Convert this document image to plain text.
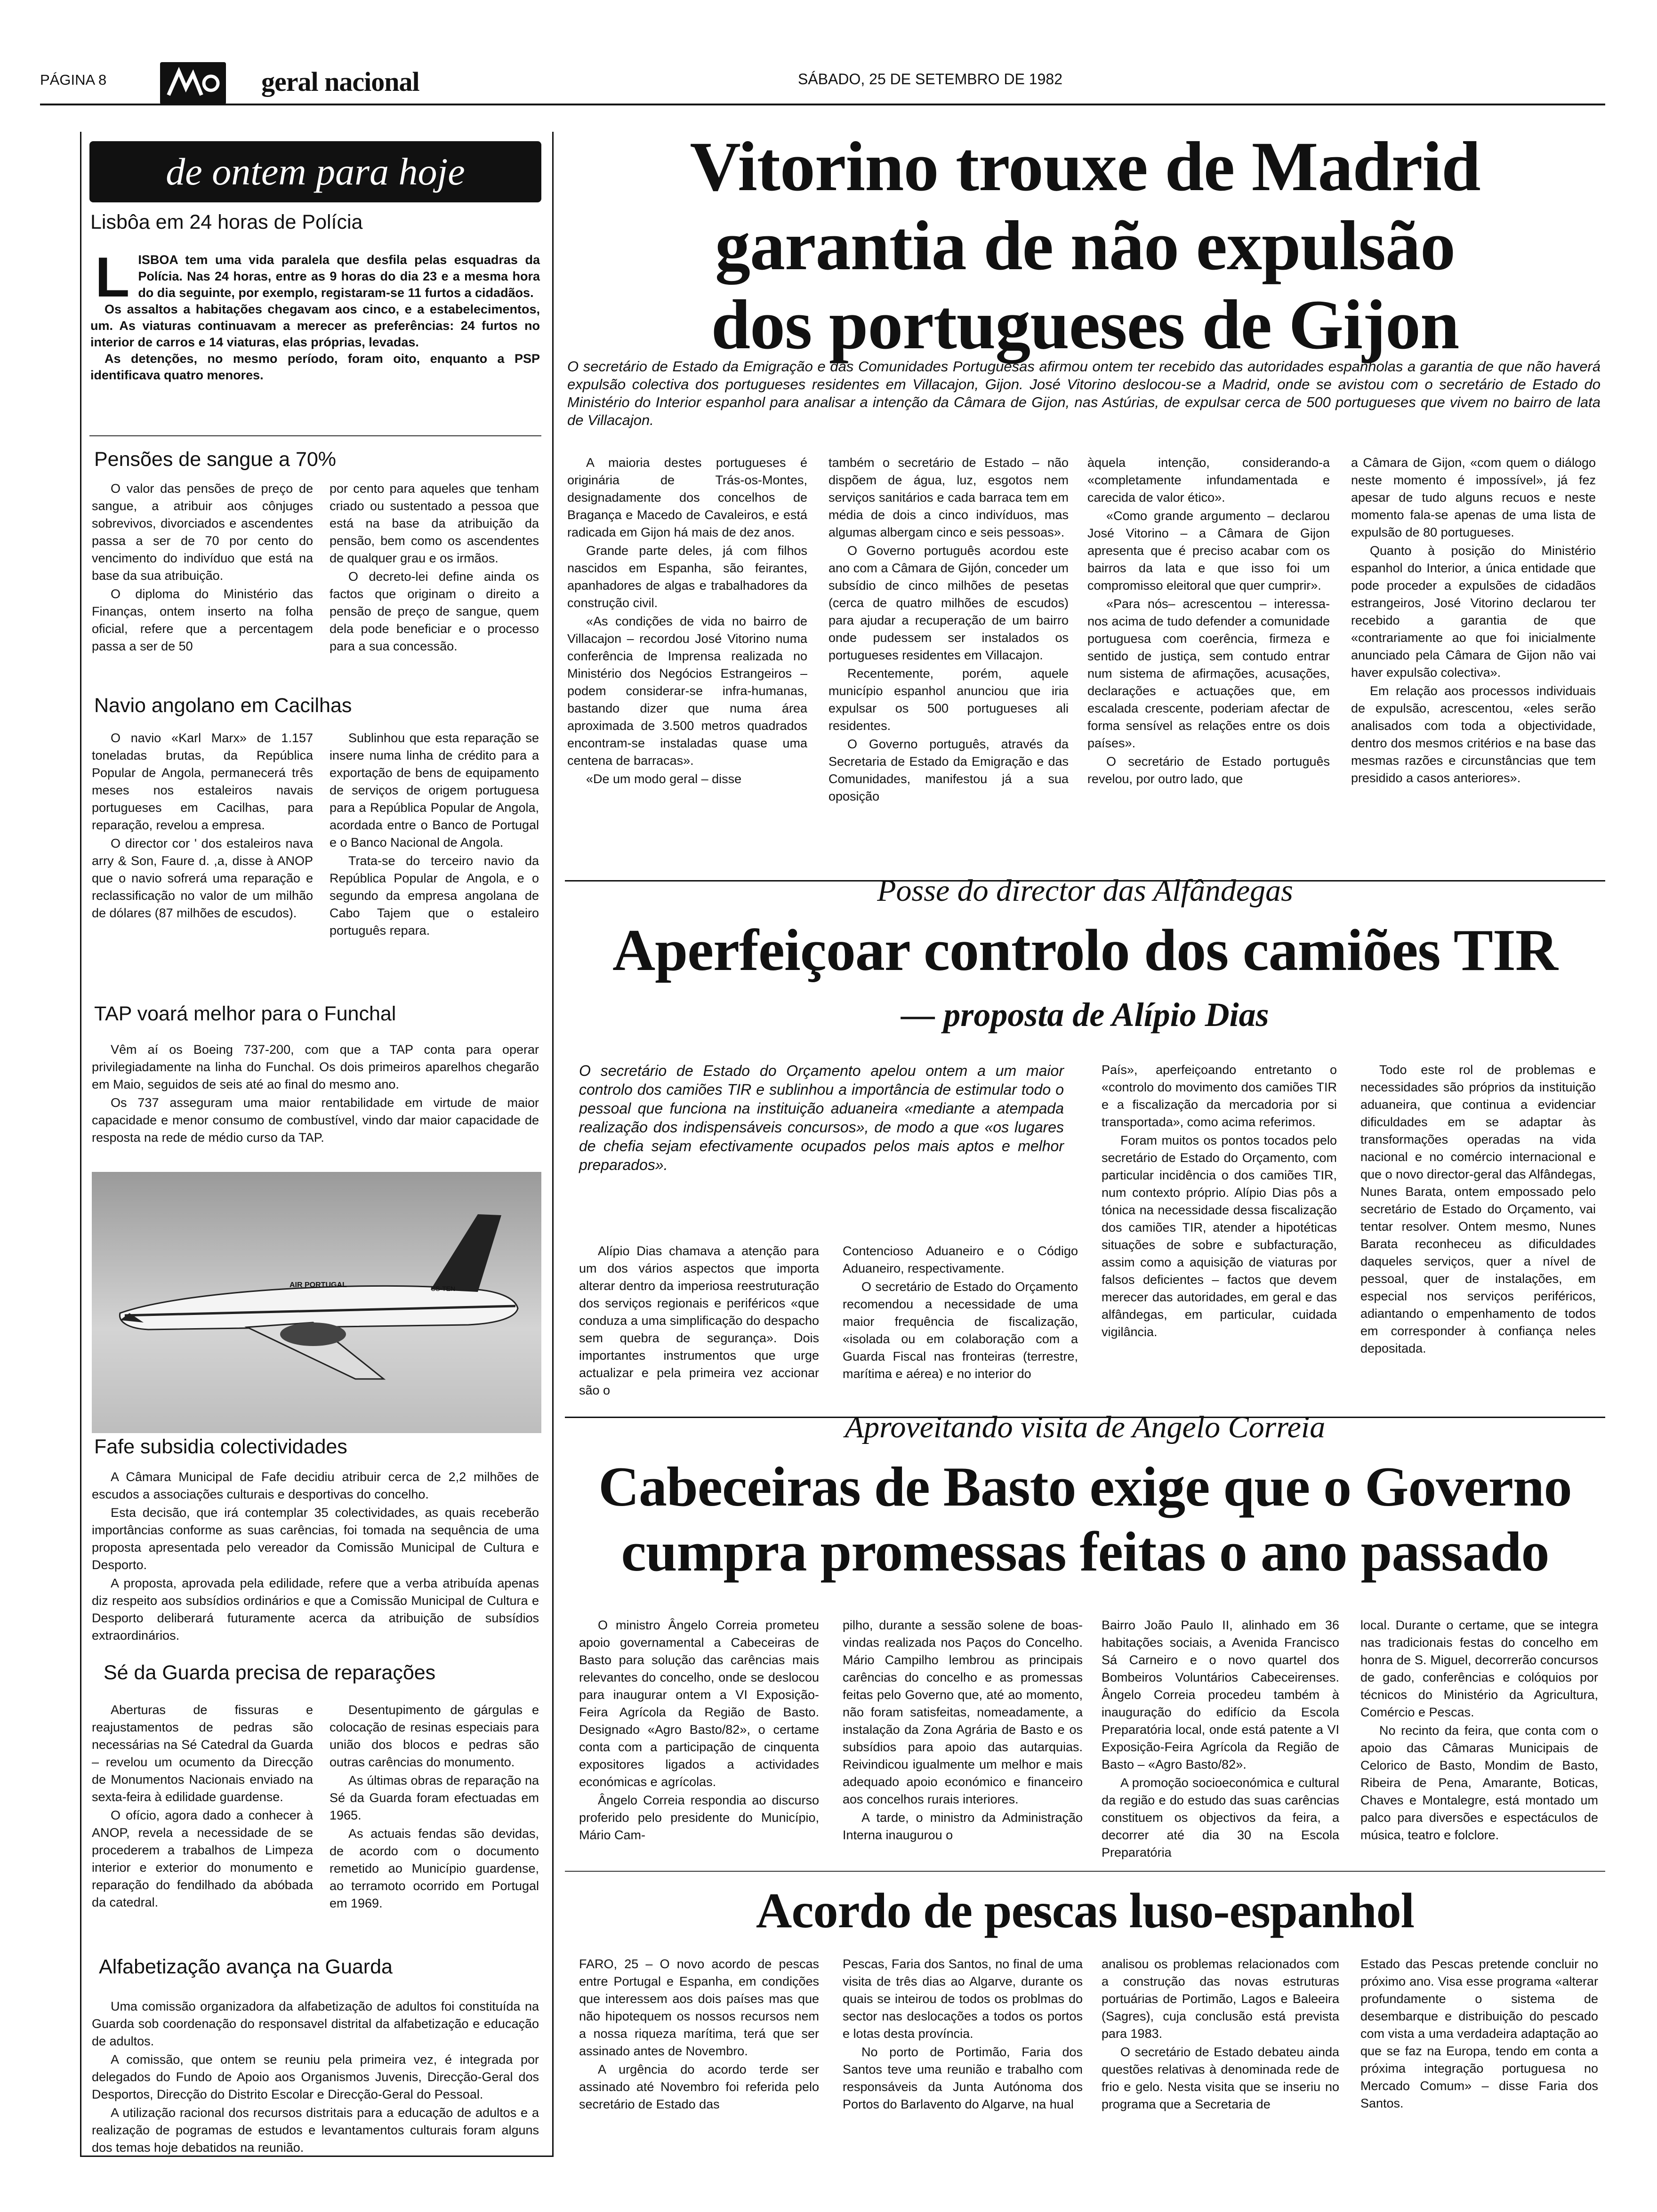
PÁGINA 8	geral nacional	SÁBADO, 25 DE SETEMBRO DE 1982
de ontem para hoje
Lisbôa em 24 horas de Polícia
L ISBOA tem uma vida paralela que desfila pelas esquadras da Polícia. Nas 24 horas, entre as 9 horas do dia 23 e a mesma hora do dia seguinte, por exemplo, registaram-se 11 furtos a cidadãos.

Os assaltos a habitações chegavam aos cinco, e a estabelecimentos, um. As viaturas continuavam a merecer as preferências: 24 furtos no interior de carros e 14 viaturas, elas próprias, levadas.

As detenções, no mesmo período, foram oito, enquanto a PSP identificava quatro menores.

Pensões de sangue a 70%

O valor das pensões de preço de sangue, a atribuir aos cônjuges sobrevivos, divorciados e ascendentes passa a ser de 70 por cento do vencimento do indivíduo que está na base da sua atribuição.

O diploma do Ministério das Finanças, ontem inserto na folha oficial, refere que a percentagem passa a ser de 50

por cento para aqueles que tenham criado ou sustentado a pessoa que está na base da atribuição da pensão, bem como os ascendentes de qualquer grau e os irmãos.

O decreto-lei define ainda os factos que originam o direito a pensão de preço de sangue, quem dela pode beneficiar e o processo para a sua concessão.

Navio angolano em Cacilhas

O navio «Karl Marx» de 1.157 toneladas brutas, da República Popular de Angola, permanecerá três meses nos estaleiros navais portugueses em Cacilhas, para reparação, revelou a empresa.

O director cor ' dos estaleiros nava arry & Son, Faure d. ,a, disse à ANOP que o navio sofrerá uma reparação e reclassificação no valor de um milhão de dólares (87 milhões de escudos).

Sublinhou que esta reparação se insere numa linha de crédito para a exportação de bens de equipamento de serviços de origem portuguesa para a República Popular de Angola, acordada entre o Banco de Portugal e o Banco Nacional de Angola.

Trata-se do terceiro navio da República Popular de Angola, e o segundo da empresa angolana de Cabo Tajem que o estaleiro português repara.

TAP voará melhor para o Funchal

Vêm aí os Boeing 737-200, com que a TAP conta para operar privilegiadamente na linha do Funchal. Os dois primeiros aparelhos chegarão em Maio, seguidos de seis até ao final do mesmo ano.

Os 737 asseguram uma maior rentabilidade em virtude de maior capacidade e menor consumo de combustível, vindo dar maior capacidade de resposta na rede de médio curso da TAP.

AIR PORTUGAL	CS-TEN
Fafe subsidia colectividades

A Câmara Municipal de Fafe decidiu atribuir cerca de 2,2 milhões de escudos a associações culturais e desportivas do concelho.

Esta decisão, que irá contemplar 35 colectividades, as quais receberão importâncias conforme as suas carências, foi tomada na sequência de uma proposta apresentada pelo vereador da Comissão Municipal de Cultura e Desporto.

A proposta, aprovada pela edilidade, refere que a verba atribuída apenas diz respeito aos subsídios ordinários e que a Comissão Municipal de Cultura e Desporto deliberará futuramente acerca da atribuição de subsídios extraordinários.

Sé da Guarda precisa de reparações

Aberturas de fissuras e reajustamentos de pedras são necessárias na Sé Catedral da Guarda – revelou um ocumento da Direcção de Monumentos Nacionais enviado na sexta-feira à edilidade guardense.

O ofício, agora dado a conhecer à ANOP, revela a necessidade de se procederem a trabalhos de Limpeza interior e exterior do monumento e reparação do fendilhado da abóbada da catedral.

Desentupimento de gárgulas e colocação de resinas especiais para união dos blocos e pedras são outras carências do monumento.

As últimas obras de reparação na Sé da Guarda foram efectuadas em 1965.

As actuais fendas são devidas, de acordo com o documento remetido ao Município guardense, ao terramoto ocorrido em Portugal em 1969.

Alfabetização avança na Guarda

Uma comissão organizadora da alfabetização de adultos foi constituída na Guarda sob coordenação do responsavel distrital da alfabetização e educação de adultos.

A comissão, que ontem se reuniu pela primeira vez, é integrada por delegados do Fundo de Apoio aos Organismos Juvenis, Direcção-Geral dos Desportos, Direcção do Distrito Escolar e Direcção-Geral do Pessoal.

A utilização racional dos recursos distritais para a educação de adultos e a realização de pogramas de estudos e levantamentos culturais foram alguns dos temas hoje debatidos na reunião.

Vitorino trouxe de Madrid
garantia de não expulsão
dos portugueses de Gijon
O secretário de Estado da Emigração e das Comunidades Portuguesas afirmou ontem ter recebido das autoridades espanholas a garantia de que não haverá expulsão colectiva dos portugueses residentes em Villacajon, Gijon. José Vitorino deslocou-se a Madrid, onde se avistou com o secretário de Estado do Ministério do Interior espanhol para analisar a intenção da Câmara de Gijon, nas Astúrias, de expulsar cerca de 500 portugueses que vivem no bairro de lata de Villacajon.

A maioria destes portugueses é originária de Trás-os-Montes, designadamente dos concelhos de Bragança e Macedo de Cavaleiros, e está radicada em Gijon há mais de dez anos.

Grande parte deles, já com filhos nascidos em Espanha, são feirantes, apanhadores de algas e trabalhadores da construção civil.

«As condições de vida no bairro de Villacajon – recordou José Vitorino numa conferência de Imprensa realizada no Ministério dos Negócios Estrangeiros – podem considerar-se infra-humanas, bastando dizer que numa área aproximada de 3.500 metros quadrados encontram-se instaladas quase uma centena de barracas».

«De um modo geral – disse

também o secretário de Estado – não dispõem de água, luz, esgotos nem serviços sanitários e cada barraca tem em média de dois a cinco indivíduos, mas algumas albergam cinco e seis pessoas».

O Governo português acordou este ano com a Câmara de Gijón, conceder um subsídio de cinco milhões de pesetas (cerca de quatro milhões de escudos) para ajudar a recuperação de um bairro onde pudessem ser instalados os portugueses residentes em Villacajon.

Recentemente, porém, aquele município espanhol anunciou que iria expulsar os 500 portugueses ali residentes.

O Governo português, através da Secretaria de Estado da Emigração e das Comunidades, manifestou já a sua oposição

àquela intenção, considerando-a «completamente infundamentada e carecida de valor ético».

«Como grande argumento – declarou José Vitorino – a Câmara de Gijon apresenta que é preciso acabar com os bairros da lata e que isso foi um compromisso eleitoral que quer cumprir».

«Para nós– acrescentou – interessa-nos acima de tudo defender a comunidade portuguesa com coerência, firmeza e sentido de justiça, sem contudo entrar num sistema de afirmações, acusações, declarações e actuações que, em escalada crescente, poderiam afectar de forma sensível as relações entre os dois países».

O secretário de Estado português revelou, por outro lado, que

a Câmara de Gijon, «com quem o diálogo neste momento é impossível», já fez apesar de tudo alguns recuos e neste momento fala-se apenas de uma lista de expulsão de 80 portugueses.

Quanto à posição do Ministério espanhol do Interior, a única entidade que pode proceder a expulsões de cidadãos estrangeiros, José Vitorino declarou ter recebido a garantia de que «contrariamente ao que foi inicialmente anunciado pela Câmara de Gijon não vai haver expulsão colectiva».

Em relação aos processos individuais de expulsão, acrescentou, «eles serão analisados com toda a objectividade, dentro dos mesmos critérios e na base das mesmas razões e circunstâncias que tem presidido a casos anteriores».

Posse do director das Alfândegas
Aperfeiçoar controlo dos camiões TIR
— proposta de Alípio Dias
O secretário de Estado do Orçamento apelou ontem a um maior controlo dos camiões TIR e sublinhou a importância de estimular todo o pessoal que funciona na instituição aduaneira «mediante a atempada realização dos indispensáveis concursos», de modo a que «os lugares de chefia sejam efectivamente ocupados pelos mais aptos e melhor preparados».

Alípio Dias chamava a atenção para um dos vários aspectos que importa alterar dentro da imperiosa reestruturação dos serviços regionais e periféricos «que conduza a uma simplificação do despacho sem quebra de segurança». Dois importantes instrumentos que urge actualizar e pela primeira vez accionar são o

Contencioso Aduaneiro e o Código Aduaneiro, respectivamente.

O secretário de Estado do Orçamento recomendou a necessidade de uma maior frequência de fiscalização, «isolada ou em colaboração com a Guarda Fiscal nas fronteiras (terrestre, marítima e aérea) e no interior do

País», aperfeiçoando entretanto o «controlo do movimento dos camiões TIR e a fiscalização da mercadoria por si transportada», como acima referimos.

Foram muitos os pontos tocados pelo secretário de Estado do Orçamento, com particular incidência o dos camiões TIR, num contexto próprio. Alípio Dias pôs a tónica na necessidade dessa fiscalização dos camiões TIR, atender a hipotéticas situações de sobre e subfacturação, assim como a aquisição de viaturas por falsos deficientes – factos que devem merecer das autoridades, em geral e das alfândegas, em particular, cuidada vigilância.

Todo este rol de problemas e necessidades são próprios da instituição aduaneira, que continua a evidenciar dificuldades em se adaptar às transformações operadas na vida nacional e no comércio internacional e que o novo director-geral das Alfândegas, Nunes Barata, ontem empossado pelo secretário de Estado do Orçamento, vai tentar resolver. Ontem mesmo, Nunes Barata reconheceu as dificuldades daqueles serviços, quer a nível de pessoal, quer de instalações, em especial nos serviços periféricos, adiantando o empenhamento de todos em corresponder à confiança neles depositada.

Aproveitando visita de Angelo Correia
Cabeceiras de Basto exige que o Governo
cumpra promessas feitas o ano passado

O ministro Ângelo Correia prometeu apoio governamental a Cabeceiras de Basto para solução das carências mais relevantes do concelho, onde se deslocou para inaugurar ontem a VI Exposição-Feira Agrícola da Região de Basto. Designado «Agro Basto/82», o certame conta com a participação de cinquenta expositores ligados a actividades económicas e agrícolas.

Ângelo Correia respondia ao discurso proferido pelo presidente do Município, Mário Cam-

pilho, durante a sessão solene de boas-vindas realizada nos Paços do Concelho. Mário Campilho lembrou as principais carências do concelho e as promessas feitas pelo Governo que, até ao momento, não foram satisfeitas, nomeadamente, a instalação da Zona Agrária de Basto e os subsídios para apoio das autarquias. Reivindicou igualmente um melhor e mais adequado apoio económico e financeiro aos concelhos rurais interiores.

A tarde, o ministro da Administração Interna inaugurou o

Bairro João Paulo II, alinhado em 36 habitações sociais, a Avenida Francisco Sá Carneiro e o novo quartel dos Bombeiros Voluntários Cabeceirenses. Ângelo Correia procedeu também à inauguração do edifício da Escola Preparatória local, onde está patente a VI Exposição-Feira Agrícola da Região de Basto – «Agro Basto/82».

A promoção socioeconómica e cultural da região e do estudo das suas carências constituem os objectivos da feira, a decorrer até dia 30 na Escola Preparatória

local. Durante o certame, que se integra nas tradicionais festas do concelho em honra de S. Miguel, decorrerão concursos de gado, conferências e colóquios por técnicos do Ministério da Agricultura, Comércio e Pescas.

No recinto da feira, que conta com o apoio das Câmaras Municipais de Celorico de Basto, Mondim de Basto, Ribeira de Pena, Amarante, Boticas, Chaves e Montalegre, está montado um palco para diversões e espectáculos de música, teatro e folclore.

Acordo de pescas luso-espanhol

FARO, 25 – O novo acordo de pescas entre Portugal e Espanha, em condições que interessem aos dois países mas que não hipotequem os nossos recursos nem a nossa riqueza marítima, terá que ser assinado antes de Novembro.

A urgência do acordo terde ser assinado até Novembro foi referida pelo secretário de Estado das

Pescas, Faria dos Santos, no final de uma visita de três dias ao Algarve, durante os quais se inteirou de todos os problmas do sector nas deslocações a todos os portos e lotas desta província.

No porto de Portimão, Faria dos Santos teve uma reunião e trabalho com responsáveis da Junta Autónoma dos Portos do Barlavento do Algarve, na hual

analisou os problemas relacionados com a construção das novas estruturas portuárias de Portimão, Lagos e Baleeira (Sagres), cuja conclusão está prevista para 1983.

O secretário de Estado debateu ainda questões relativas à denominada rede de frio e gelo. Nesta visita que se inseriu no programa que a Secretaria de

Estado das Pescas pretende concluir no próximo ano. Visa esse programa «alterar profundamente o sistema de desembarque e distribuição do pescado com vista a uma verdadeira adaptação ao que se faz na Europa, tendo em conta a próxima integração portuguesa no Mercado Comum» – disse Faria dos Santos.
